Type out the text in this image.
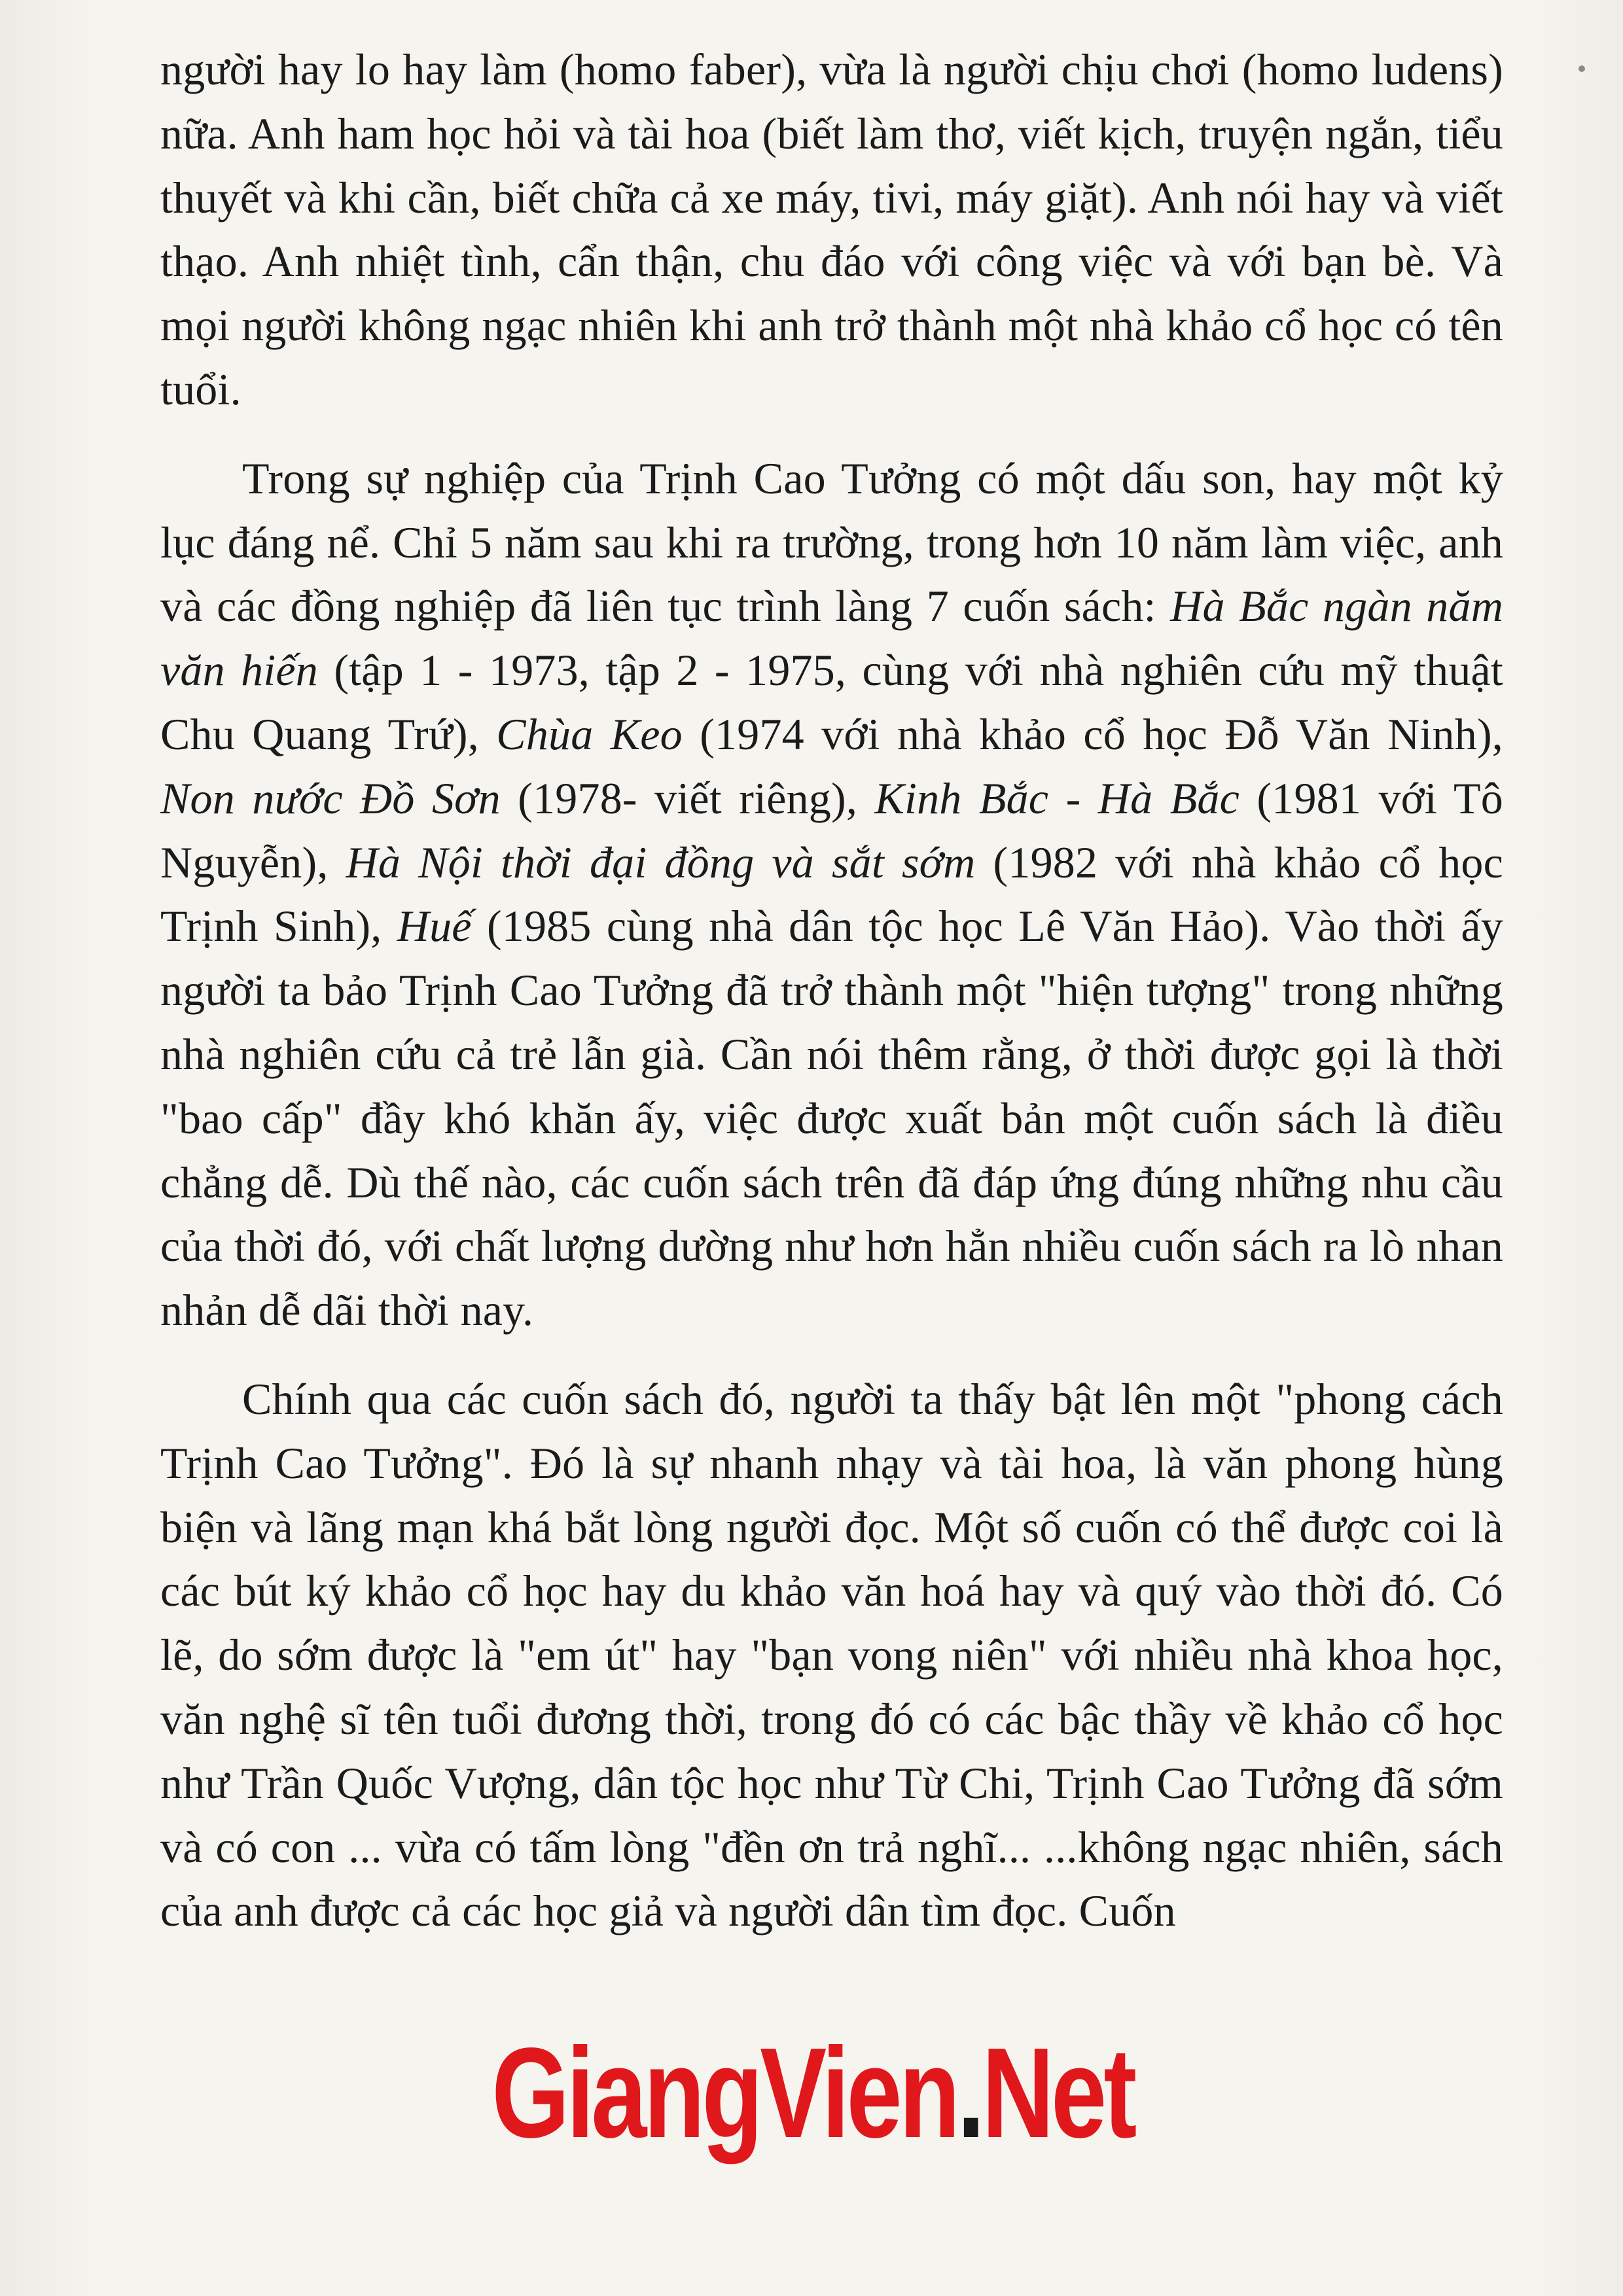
người hay lo hay làm (homo faber), vừa là người chịu chơi (homo ludens) nữa. Anh ham học hỏi và tài hoa (biết làm thơ, viết kịch, truyện ngắn, tiểu thuyết và khi cần, biết chữa cả xe máy, tivi, máy giặt). Anh nói hay và viết thạo. Anh nhiệt tình, cẩn thận, chu đáo với công việc và với bạn bè. Và mọi người không ngạc nhiên khi anh trở thành một nhà khảo cổ học có tên tuổi.

Trong sự nghiệp của Trịnh Cao Tưởng có một dấu son, hay một kỷ lục đáng nể. Chỉ 5 năm sau khi ra trường, trong hơn 10 năm làm việc, anh và các đồng nghiệp đã liên tục trình làng 7 cuốn sách: Hà Bắc ngàn năm văn hiến (tập 1 - 1973, tập 2 - 1975, cùng với nhà nghiên cứu mỹ thuật Chu Quang Trứ), Chùa Keo (1974 với nhà khảo cổ học Đỗ Văn Ninh), Non nước Đồ Sơn (1978- viết riêng), Kinh Bắc - Hà Bắc (1981 với Tô Nguyễn), Hà Nội thời đại đồng và sắt sớm (1982 với nhà khảo cổ học Trịnh Sinh), Huế (1985 cùng nhà dân tộc học Lê Văn Hảo). Vào thời ấy người ta bảo Trịnh Cao Tưởng đã trở thành một "hiện tượng" trong những nhà nghiên cứu cả trẻ lẫn già. Cần nói thêm rằng, ở thời được gọi là thời "bao cấp" đầy khó khăn ấy, việc được xuất bản một cuốn sách là điều chẳng dễ. Dù thế nào, các cuốn sách trên đã đáp ứng đúng những nhu cầu của thời đó, với chất lượng dường như hơn hẳn nhiều cuốn sách ra lò nhan nhản dễ dãi thời nay.

Chính qua các cuốn sách đó, người ta thấy bật lên một "phong cách Trịnh Cao Tưởng". Đó là sự nhanh nhạy và tài hoa, là văn phong hùng biện và lãng mạn khá bắt lòng người đọc. Một số cuốn có thể được coi là các bút ký khảo cổ học hay du khảo văn hoá hay và quý vào thời đó. Có lẽ, do sớm được là "em út" hay "bạn vong niên" với nhiều nhà khoa học, văn nghệ sĩ tên tuổi đương thời, trong đó có các bậc thầy về khảo cổ học như Trần Quốc Vượng, dân tộc học như Từ Chi, Trịnh Cao Tưởng đã sớm và có con ... vừa có tấm lòng "đền ơn trả nghĩ... ...không ngạc nhiên, sách của anh được cả các học giả và người dân tìm đọc. Cuốn

GiangVien . Net
